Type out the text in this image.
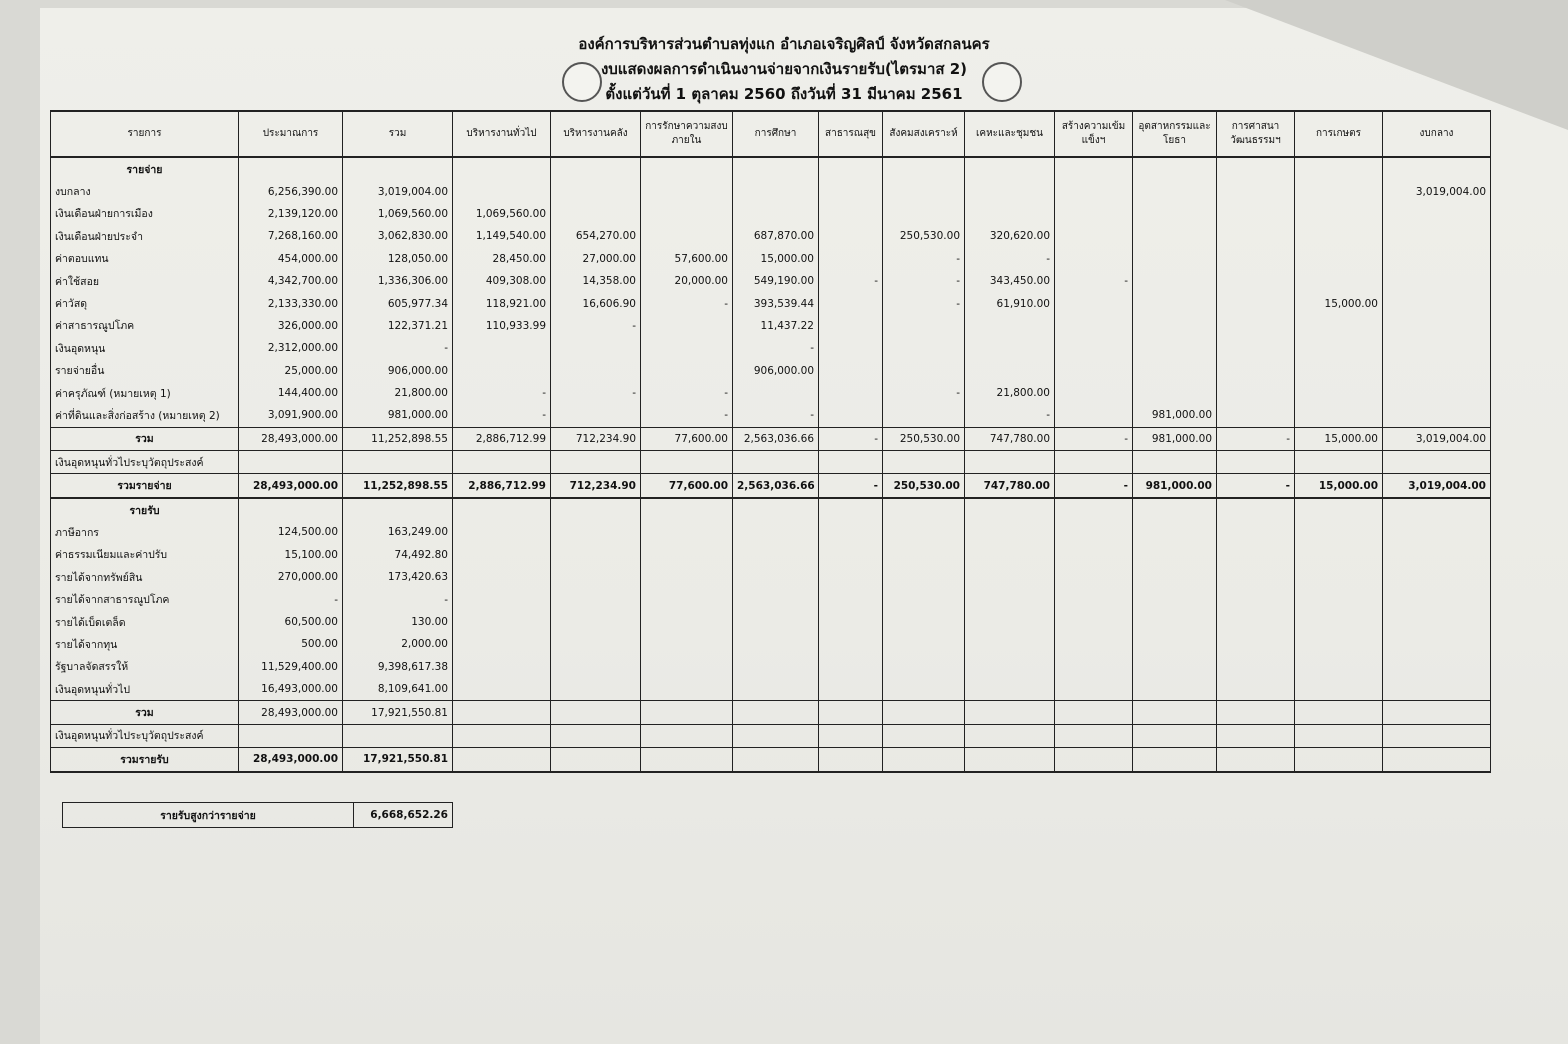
องค์การบริหารส่วนตำบลทุ่งแก อำเภอเจริญศิลป์ จังหวัดสกลนคร
งบแสดงผลการดำเนินงานจ่ายจากเงินรายรับ(ไตรมาส 2)
ตั้งแต่วันที่ 1 ตุลาคม 2560 ถึงวันที่ 31 มีนาคม 2561
รายการ	ประมาณการ	รวม	บริหารงานทั่วไป	บริหารงานคลัง	การรักษาความสงบภายใน	การศึกษา	สาธารณสุข	สังคมสงเคราะห์	เคหะและชุมชน	สร้างความเข้มแข็งฯ	อุตสาหกรรมและโยธา	การศาสนาวัฒนธรรมฯ	การเกษตร	งบกลาง
รายจ่าย														
งบกลาง	6,256,390.00	3,019,004.00												3,019,004.00
เงินเดือนฝ่ายการเมือง	2,139,120.00	1,069,560.00	1,069,560.00											
เงินเดือนฝ่ายประจำ	7,268,160.00	3,062,830.00	1,149,540.00	654,270.00		687,870.00		250,530.00	320,620.00					
ค่าตอบแทน	454,000.00	128,050.00	28,450.00	27,000.00	57,600.00	15,000.00		-	-					
ค่าใช้สอย	4,342,700.00	1,336,306.00	409,308.00	14,358.00	20,000.00	549,190.00	-	-	343,450.00	-				
ค่าวัสดุ	2,133,330.00	605,977.34	118,921.00	16,606.90	-	393,539.44		-	61,910.00				15,000.00	
ค่าสาธารณูปโภค	326,000.00	122,371.21	110,933.99	-		11,437.22								
เงินอุดหนุน	2,312,000.00	-				-								
รายจ่ายอื่น	25,000.00	906,000.00				906,000.00								
ค่าครุภัณฑ์ (หมายเหตุ 1)	144,400.00	21,800.00	-	-	-			-	21,800.00					
ค่าที่ดินและสิ่งก่อสร้าง (หมายเหตุ 2)	3,091,900.00	981,000.00	-		-	-			-		981,000.00			
รวม	28,493,000.00	11,252,898.55	2,886,712.99	712,234.90	77,600.00	2,563,036.66	-	250,530.00	747,780.00	-	981,000.00	-	15,000.00	3,019,004.00
เงินอุดหนุนทั่วไประบุวัตถุประสงค์														
รวมรายจ่าย	28,493,000.00	11,252,898.55	2,886,712.99	712,234.90	77,600.00	2,563,036.66	-	250,530.00	747,780.00	-	981,000.00	-	15,000.00	3,019,004.00
รายรับ														
ภาษีอากร	124,500.00	163,249.00												
ค่าธรรมเนียมและค่าปรับ	15,100.00	74,492.80												
รายได้จากทรัพย์สิน	270,000.00	173,420.63												
รายได้จากสาธารณูปโภค	-	-												
รายได้เบ็ดเตล็ด	60,500.00	130.00												
รายได้จากทุน	500.00	2,000.00												
รัฐบาลจัดสรรให้	11,529,400.00	9,398,617.38												
เงินอุดหนุนทั่วไป	16,493,000.00	8,109,641.00												
รวม	28,493,000.00	17,921,550.81												
เงินอุดหนุนทั่วไประบุวัตถุประสงค์														
รวมรายรับ	28,493,000.00	17,921,550.81												
รายรับสูงกว่ารายจ่าย	6,668,652.26
